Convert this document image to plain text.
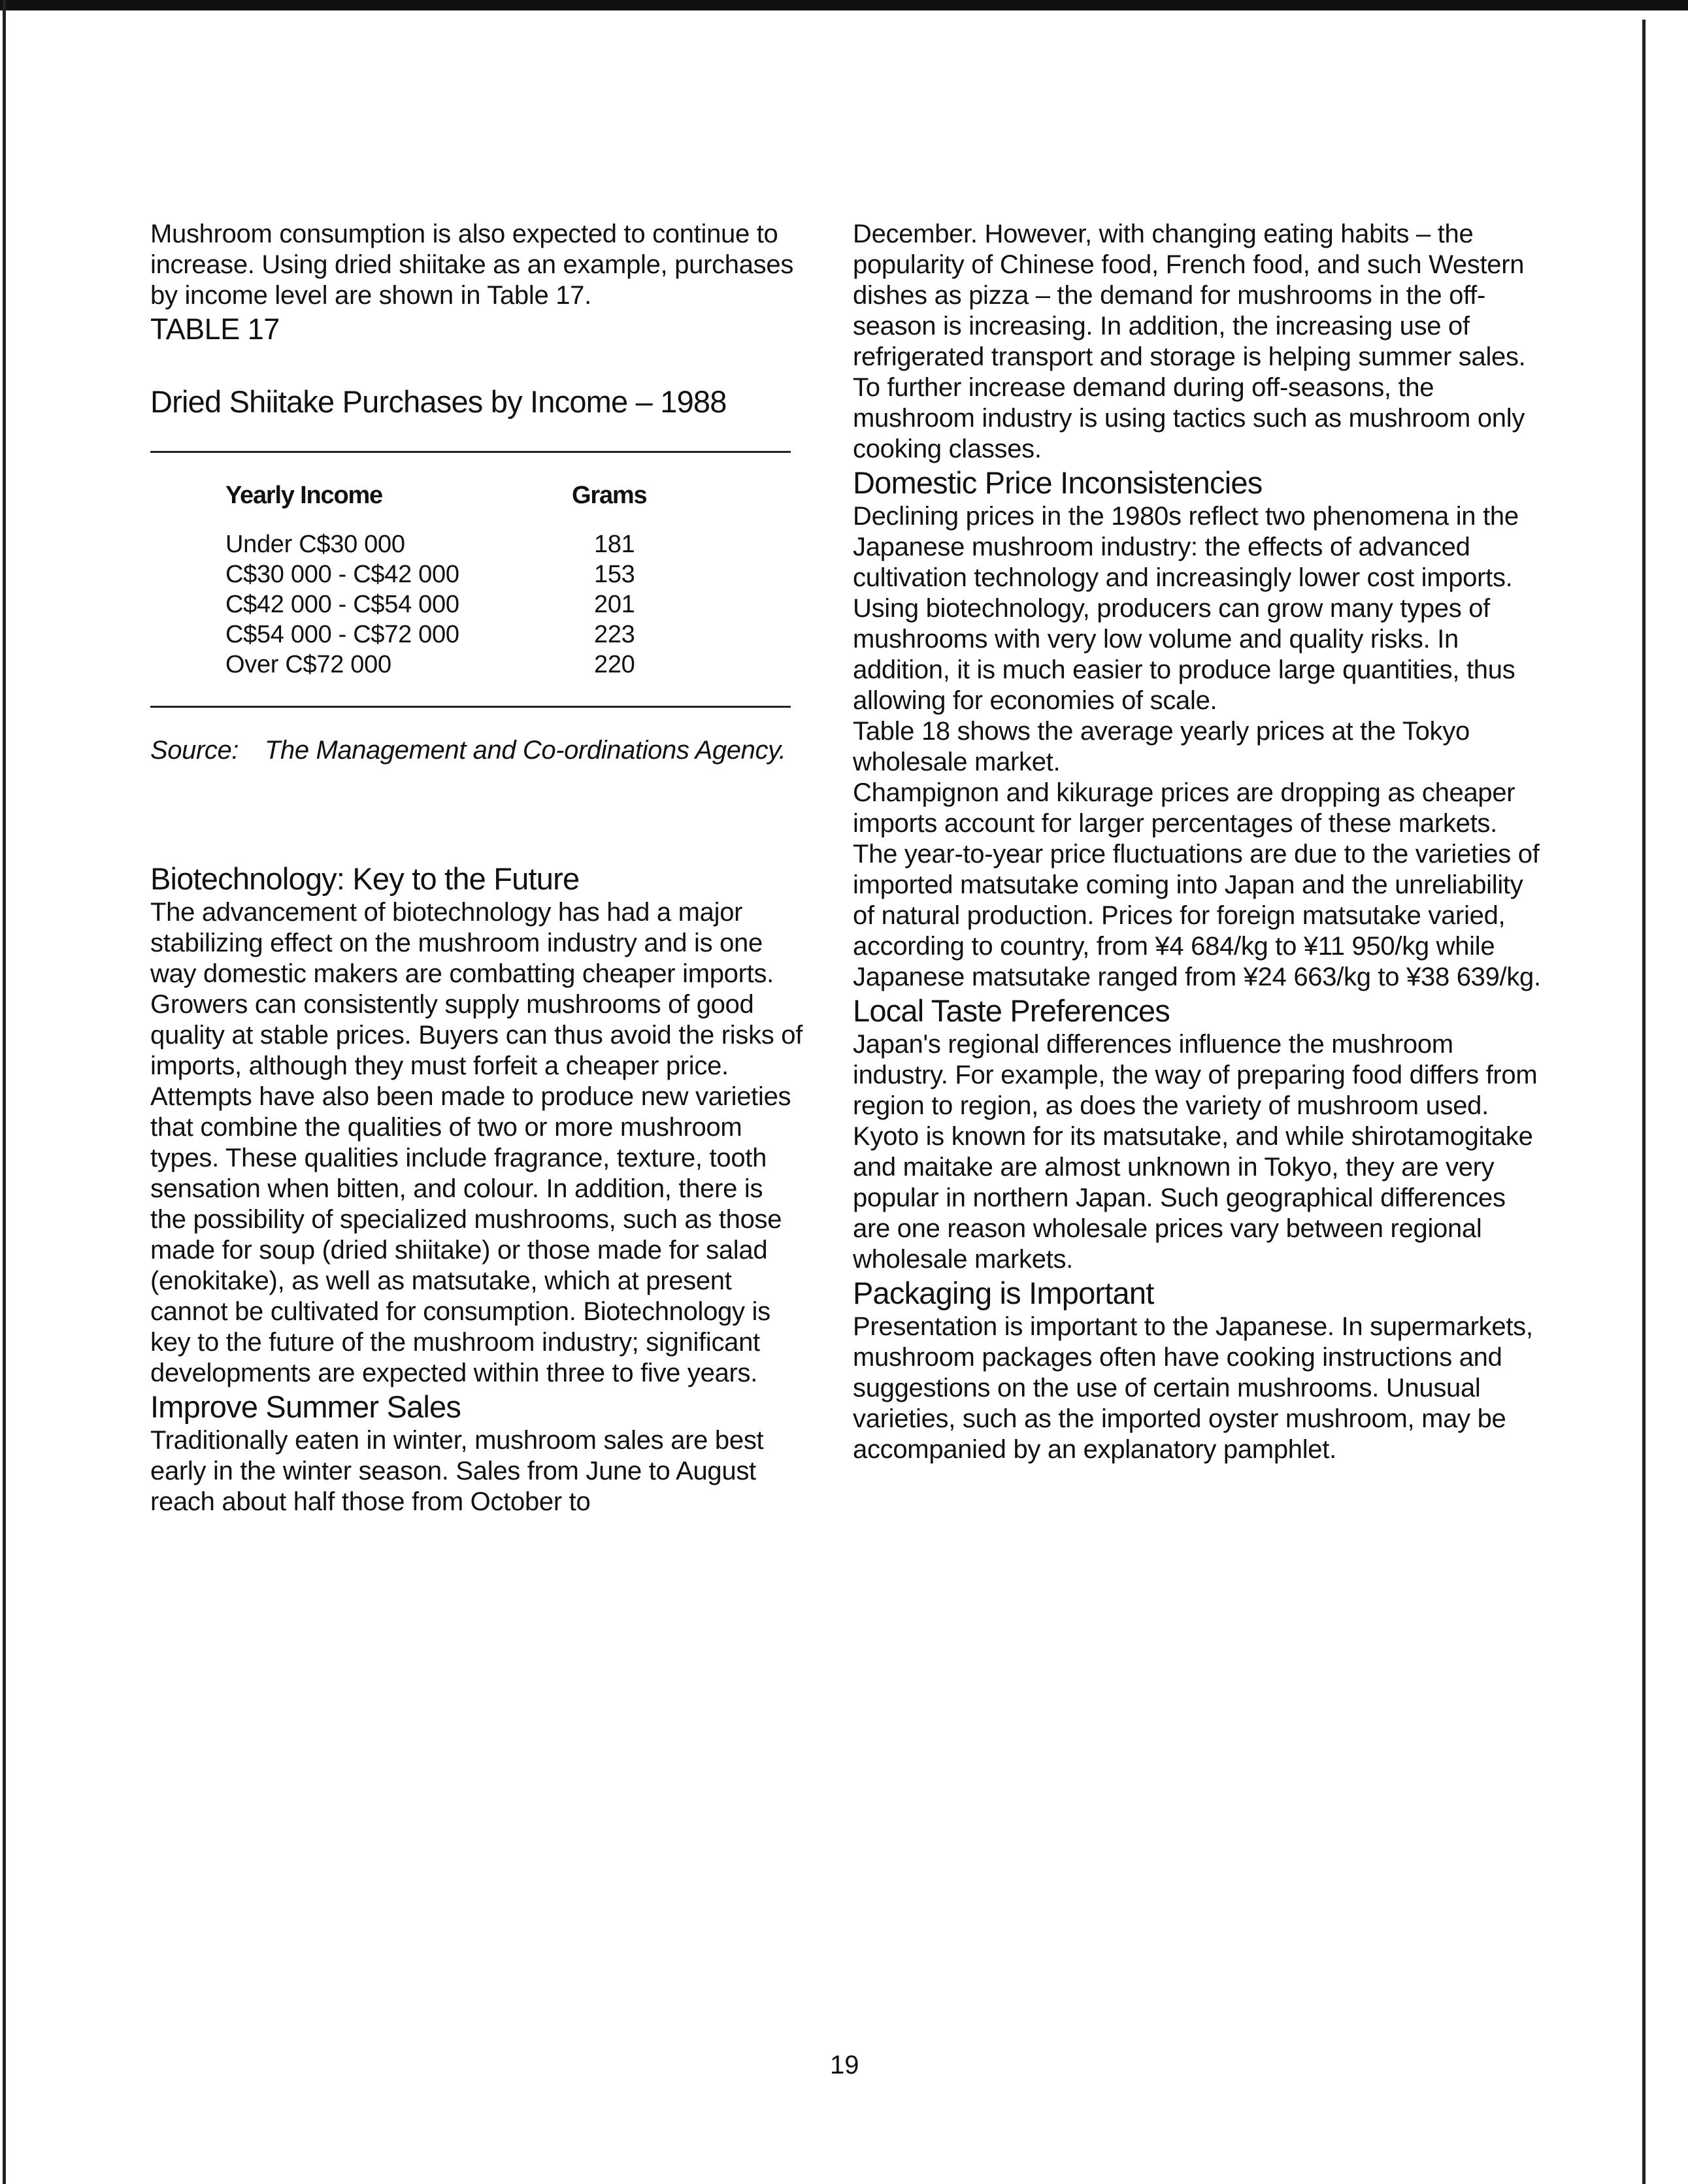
Mushroom consumption is also expected to continue to increase. Using dried shiitake as an example, purchases by income level are shown in Table 17.

TABLE 17
Dried Shiitake Purchases by Income – 1988
Yearly Income	Grams
Under C$30 000	181
C$30 000 - C$42 000	153
C$42 000 - C$54 000	201
C$54 000 - C$72 000	223
Over C$72 000	220
Source: The Management and Co-ordinations Agency.
Biotechnology: Key to the Future

The advancement of biotechnology has had a major stabilizing effect on the mushroom industry and is one way domestic makers are combatting cheaper imports. Growers can consistently supply mushrooms of good quality at stable prices. Buyers can thus avoid the risks of imports, although they must forfeit a cheaper price.

Attempts have also been made to produce new varieties that combine the qualities of two or more mushroom types. These qualities include fragrance, texture, tooth sensation when bitten, and colour. In addition, there is the possibility of specialized mushrooms, such as those made for soup (dried shiitake) or those made for salad (enokitake), as well as matsutake, which at present cannot be cultivated for consumption. Biotechnology is key to the future of the mushroom industry; significant developments are expected within three to five years.

Improve Summer Sales

Traditionally eaten in winter, mushroom sales are best early in the winter season. Sales from June to August reach about half those from October to

December. However, with changing eating habits – the popularity of Chinese food, French food, and such Western dishes as pizza – the demand for mushrooms in the off-season is increasing. In addition, the increasing use of refrigerated transport and storage is helping summer sales.

To further increase demand during off-seasons, the mushroom industry is using tactics such as mushroom only cooking classes.

Domestic Price Inconsistencies

Declining prices in the 1980s reflect two phenomena in the Japanese mushroom industry: the effects of advanced cultivation technology and increasingly lower cost imports. Using biotechnology, producers can grow many types of mushrooms with very low volume and quality risks. In addition, it is much easier to produce large quantities, thus allowing for economies of scale.

Table 18 shows the average yearly prices at the Tokyo wholesale market.

Champignon and kikurage prices are dropping as cheaper imports account for larger percentages of these markets. The year-to-year price fluctuations are due to the varieties of imported matsutake coming into Japan and the unreliability of natural production. Prices for foreign matsutake varied, according to country, from ¥4 684/kg to ¥11 950/kg while Japanese matsutake ranged from ¥24 663/kg to ¥38 639/kg.

Local Taste Preferences

Japan's regional differences influence the mushroom industry. For example, the way of preparing food differs from region to region, as does the variety of mushroom used. Kyoto is known for its matsutake, and while shirotamogitake and maitake are almost unknown in Tokyo, they are very popular in northern Japan. Such geographical differences are one reason wholesale prices vary between regional wholesale markets.

Packaging is Important

Presentation is important to the Japanese. In supermarkets, mushroom packages often have cooking instructions and suggestions on the use of certain mushrooms. Unusual varieties, such as the imported oyster mushroom, may be accompanied by an explanatory pamphlet.

19
